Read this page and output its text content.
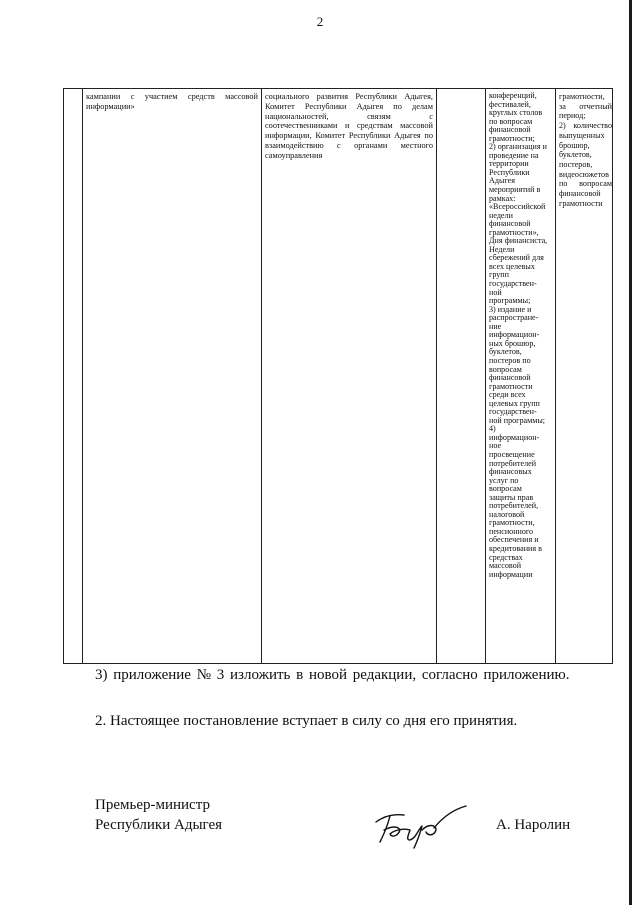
2
кампании с участием средств массовой информации»
социального развития Республики Адыгея, Комитет Республики Адыгея по делам национальностей, связям с соотечественниками и средствам массовой информации, Комитет Республики Адыгея по взаимодействию с органами местного самоуправления
конференций,
фестивалей,
круглых столов
по вопросам
финансовой
грамотности;
2) организация и
проведение на
территории
Республики
Адыгея
мероприятий в
рамках:
«Всероссийской
недели
финансовой
грамотности»,
Дня финансиста,
Недели
сбережений для
всех целевых
групп
государствен-
ной
программы;
3) издание и
распростране-
ние
информацион-
ных брошюр,
буклетов,
постеров по
вопросам
финансовой
грамотности
среди всех
целевых групп
государствен-
ной программы;
4)
информацион-
ное
просвещение
потребителей
финансовых
услуг по
вопросам
защиты прав
потребителей,
налоговой
грамотности,
пенсионного
обеспечения и
кредитования в
средствах
массовой
информации
грамотности, за отчетный период;
2) количество выпущенных брошюр, буклетов, постеров, видеосюжетов по вопросам финансовой грамотности

3) приложение № 3 изложить в новой редакции, согласно приложению.

2. Настоящее постановление вступает в силу со дня его принятия.

Премьер-министр
Республики Адыгея	А. Наролин
